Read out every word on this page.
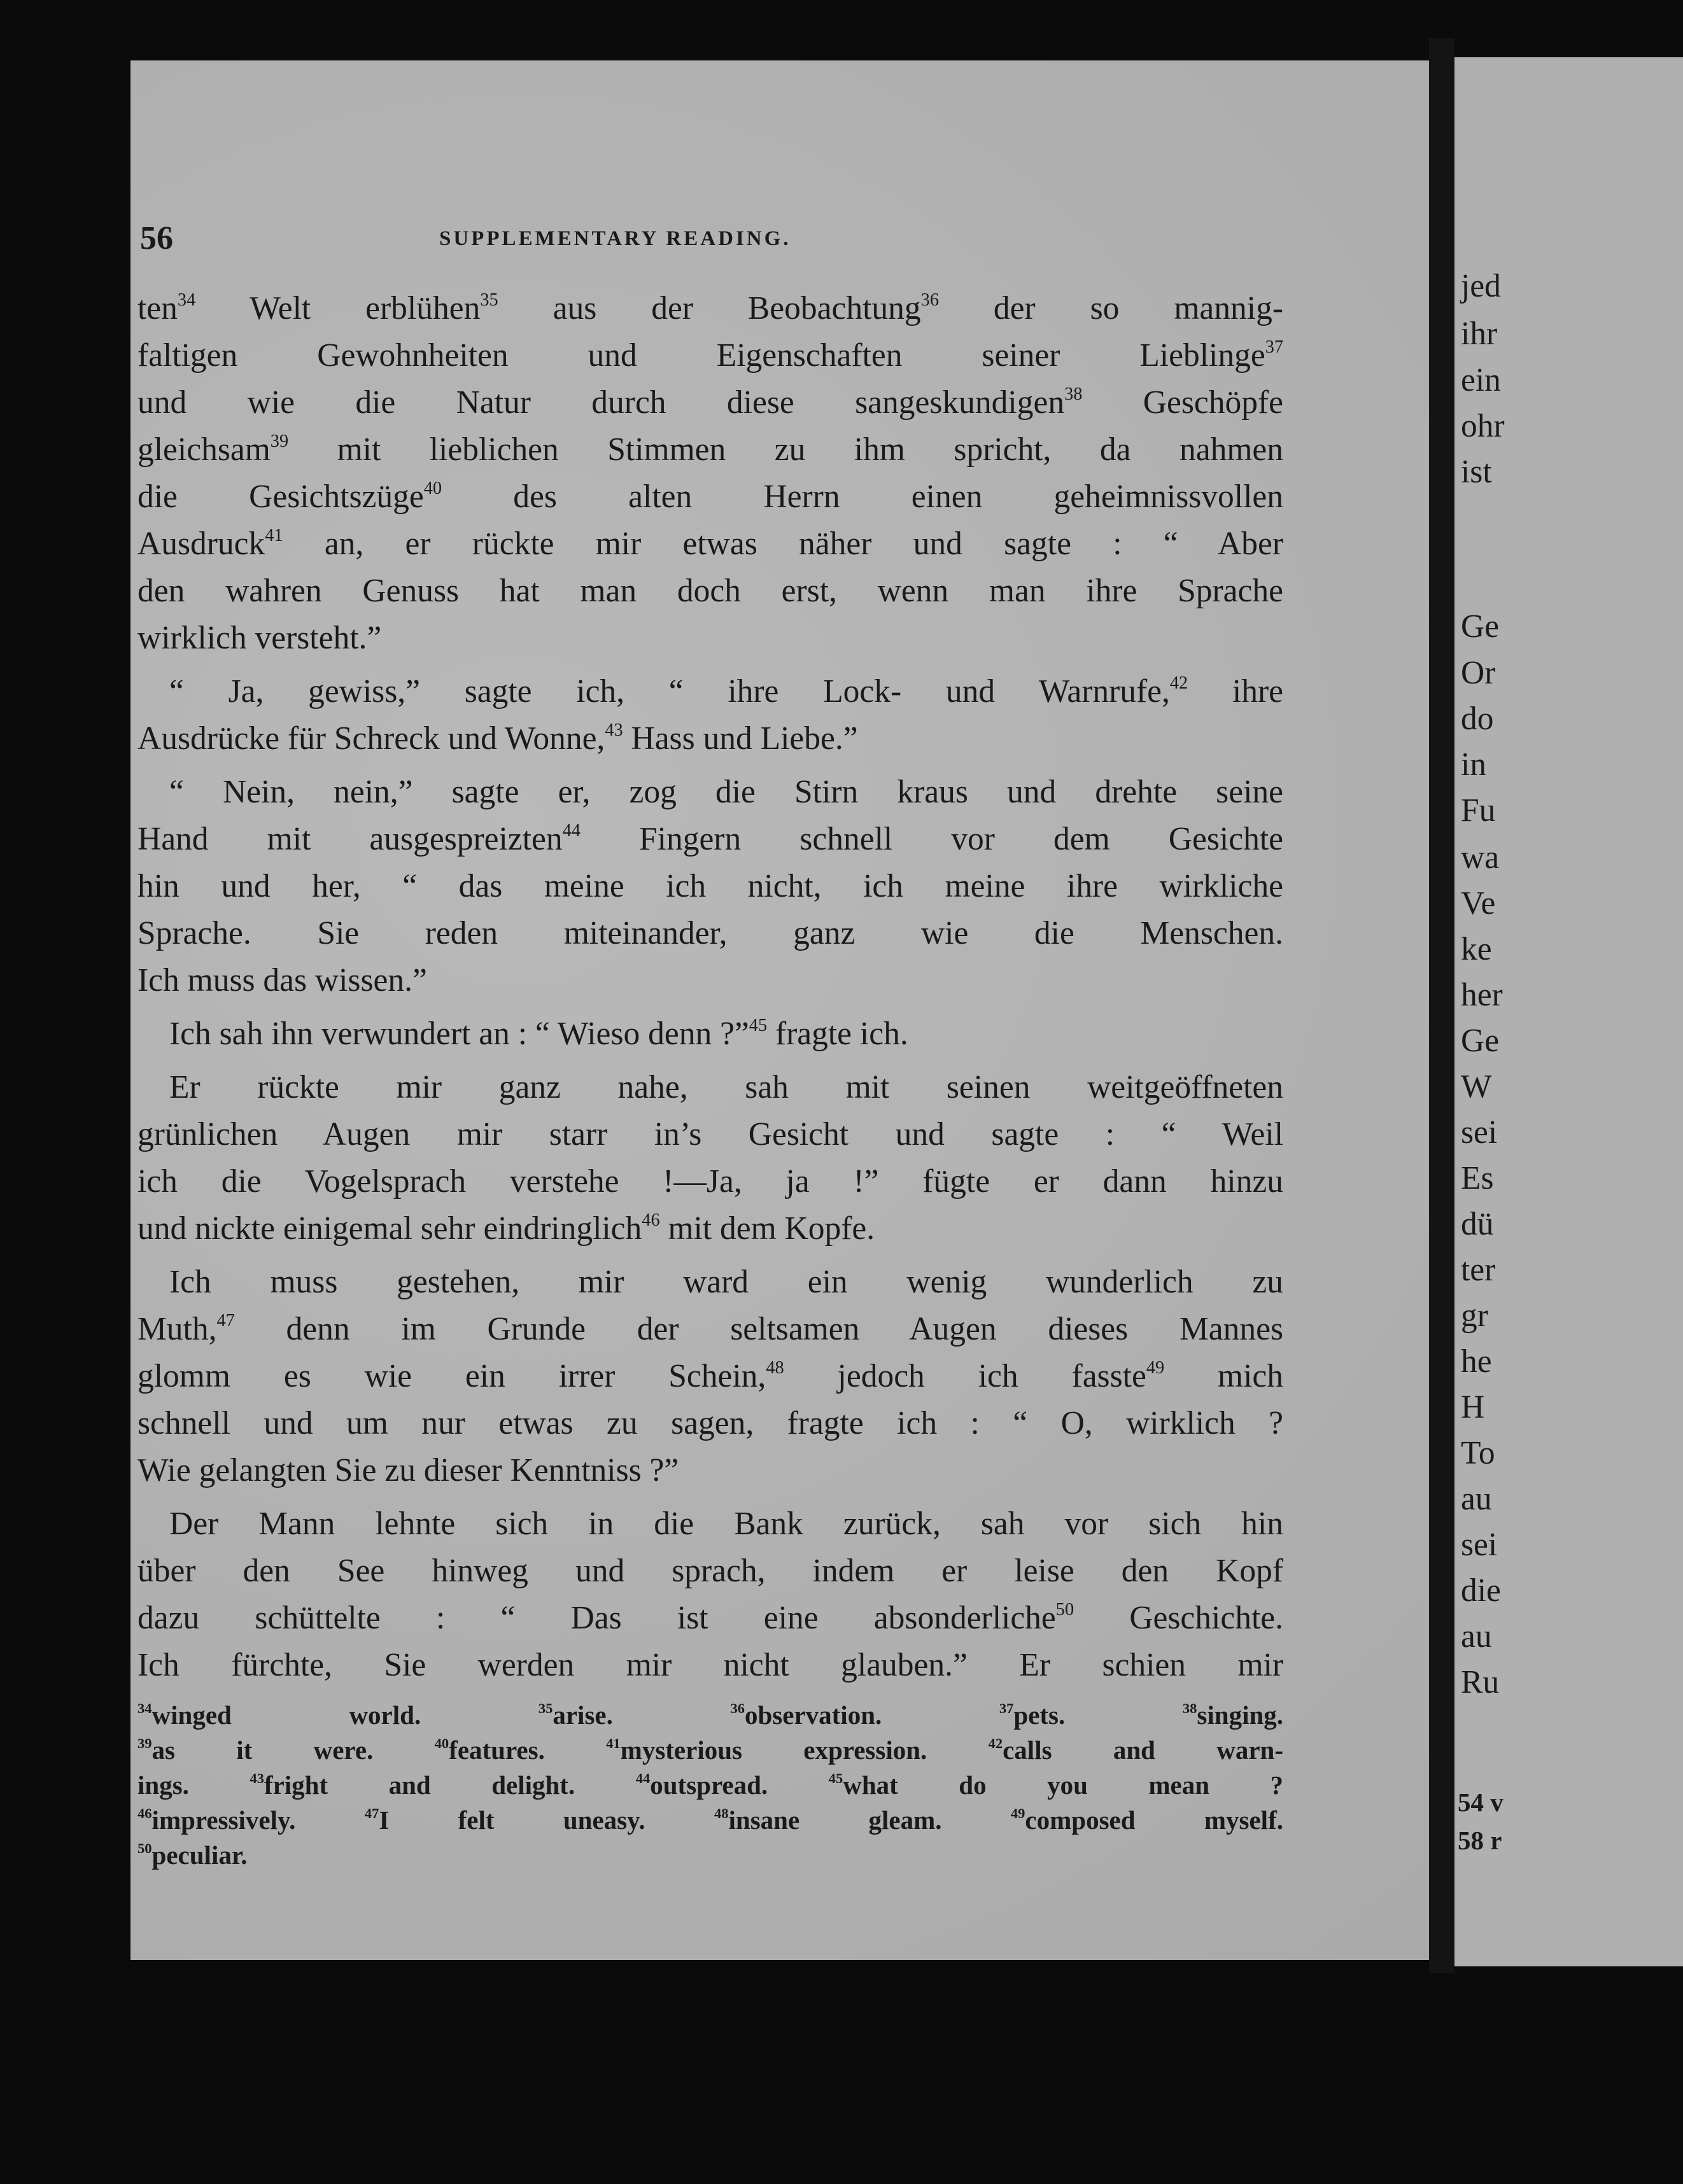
56	SUPPLEMENTARY READING.
ten$^{34}$ Welt erblühen$^{35}$ aus der Beobachtung$^{36}$ der so mannig-
faltigen Gewohnheiten und Eigenschaften seiner Lieblinge$^{37}$
und wie die Natur durch diese sangeskundigen$^{38}$ Geschöpfe
gleichsam$^{39}$ mit lieblichen Stimmen zu ihm spricht, da nahmen
die Gesichtszüge$^{40}$ des alten Herrn einen geheimnissvollen
Ausdruck$^{41}$ an, er rückte mir etwas näher und sagte : “ Aber
den wahren Genuss hat man doch erst, wenn man ihre Sprache
wirklich versteht.”
“ Ja, gewiss,” sagte ich, “ ihre Lock- und Warnrufe,$^{42}$ ihre
Ausdrücke für Schreck und Wonne,$^{43}$ Hass und Liebe.”
“ Nein, nein,” sagte er, zog die Stirn kraus und drehte seine
Hand mit ausgespreizten$^{44}$ Fingern schnell vor dem Gesichte
hin und her, “ das meine ich nicht, ich meine ihre wirkliche
Sprache. Sie reden miteinander, ganz wie die Menschen.
Ich muss das wissen.”
Ich sah ihn verwundert an : “ Wieso denn ?”$^{45}$ fragte ich.
Er rückte mir ganz nahe, sah mit seinen weitgeöffneten
grünlichen Augen mir starr in’s Gesicht und sagte : “ Weil
ich die Vogelsprach verstehe !—Ja, ja !” fügte er dann hinzu
und nickte einigemal sehr eindringlich$^{46}$ mit dem Kopfe.
Ich muss gestehen, mir ward ein wenig wunderlich zu
Muth,$^{47}$ denn im Grunde der seltsamen Augen dieses Mannes
glomm es wie ein irrer Schein,$^{48}$ jedoch ich fasste$^{49}$ mich
schnell und um nur etwas zu sagen, fragte ich : “ O, wirklich ?
Wie gelangten Sie zu dieser Kenntniss ?”
Der Mann lehnte sich in die Bank zurück, sah vor sich hin
über den See hinweg und sprach, indem er leise den Kopf
dazu schüttelte : “ Das ist eine absonderliche$^{50}$ Geschichte.
Ich fürchte, Sie werden mir nicht glauben.” Er schien mir
$^{34}$winged world. $^{35}$arise. $^{36}$observation. $^{37}$pets. $^{38}$singing.
$^{39}$as it were. $^{40}$features. $^{41}$mysterious expression. $^{42}$calls and warn-
ings. $^{43}$fright and delight. $^{44}$outspread. $^{45}$what do you mean ?
$^{46}$impressively. $^{47}$I felt uneasy. $^{48}$insane gleam. $^{49}$composed myself.
$^{50}$peculiar.
jed
ihr
ein
ohr
ist
Ge
Or
do
in
Fu
wa
Ve
ke
her
Ge
W
sei
Es
dü
ter
gr
he
H
To
au
sei
die
au
Ru
54 v
58 r
